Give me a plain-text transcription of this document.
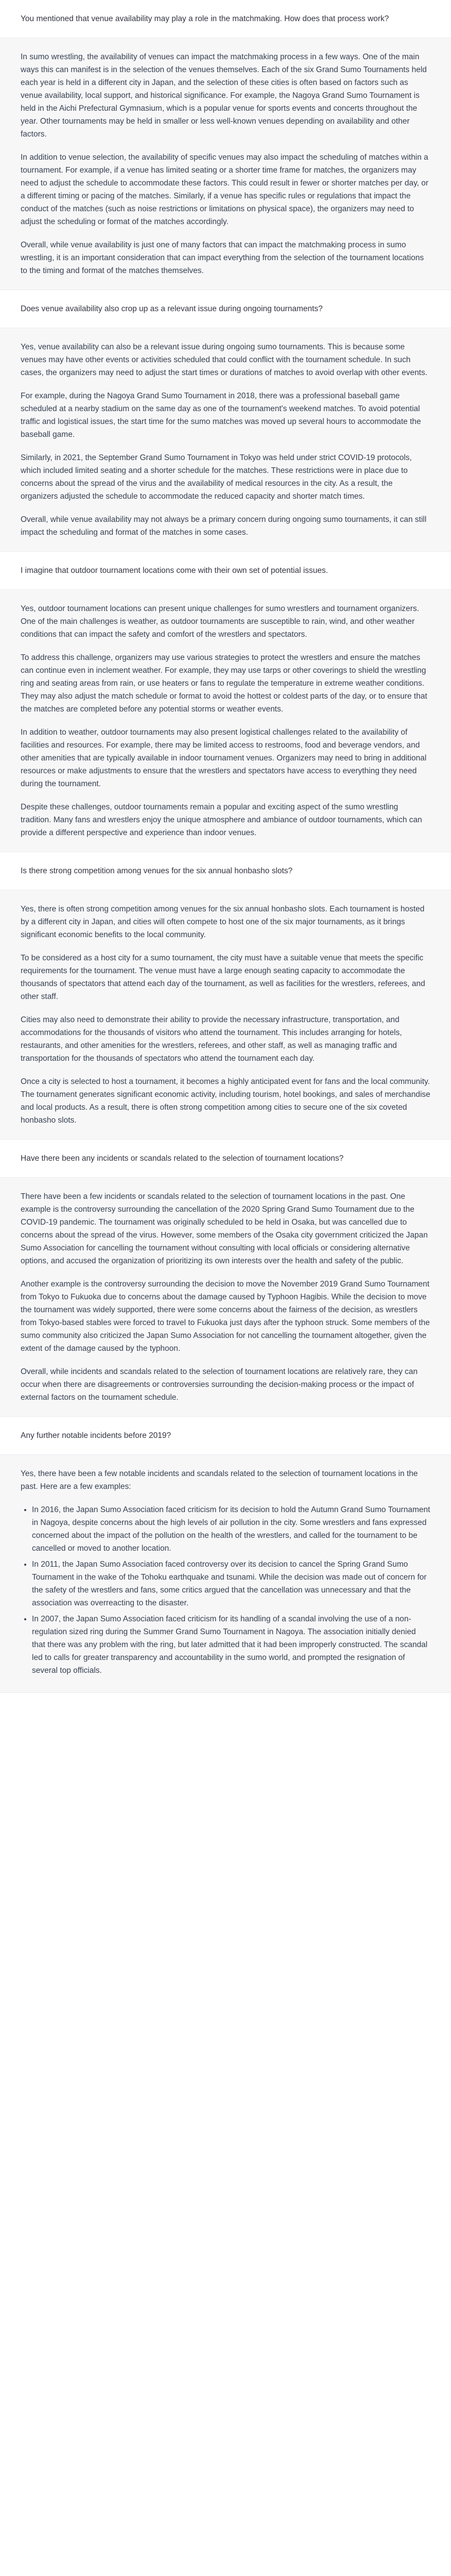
You mentioned that venue availability may play a role in the matchmaking. How does that process work?

In sumo wrestling, the availability of venues can impact the matchmaking process in a few ways. One of the main ways this can manifest is in the selection of the venues themselves. Each of the six Grand Sumo Tournaments held each year is held in a different city in Japan, and the selection of these cities is often based on factors such as venue availability, local support, and historical significance. For example, the Nagoya Grand Sumo Tournament is held in the Aichi Prefectural Gymnasium, which is a popular venue for sports events and concerts throughout the year. Other tournaments may be held in smaller or less well-known venues depending on availability and other factors.

In addition to venue selection, the availability of specific venues may also impact the scheduling of matches within a tournament. For example, if a venue has limited seating or a shorter time frame for matches, the organizers may need to adjust the schedule to accommodate these factors. This could result in fewer or shorter matches per day, or a different timing or pacing of the matches. Similarly, if a venue has specific rules or regulations that impact the conduct of the matches (such as noise restrictions or limitations on physical space), the organizers may need to adjust the scheduling or format of the matches accordingly.

Overall, while venue availability is just one of many factors that can impact the matchmaking process in sumo wrestling, it is an important consideration that can impact everything from the selection of the tournament locations to the timing and format of the matches themselves.

Does venue availability also crop up as a relevant issue during ongoing tournaments?

Yes, venue availability can also be a relevant issue during ongoing sumo tournaments. This is because some venues may have other events or activities scheduled that could conflict with the tournament schedule. In such cases, the organizers may need to adjust the start times or durations of matches to avoid overlap with other events.

For example, during the Nagoya Grand Sumo Tournament in 2018, there was a professional baseball game scheduled at a nearby stadium on the same day as one of the tournament's weekend matches. To avoid potential traffic and logistical issues, the start time for the sumo matches was moved up several hours to accommodate the baseball game.

Similarly, in 2021, the September Grand Sumo Tournament in Tokyo was held under strict COVID-19 protocols, which included limited seating and a shorter schedule for the matches. These restrictions were in place due to concerns about the spread of the virus and the availability of medical resources in the city. As a result, the organizers adjusted the schedule to accommodate the reduced capacity and shorter match times.

Overall, while venue availability may not always be a primary concern during ongoing sumo tournaments, it can still impact the scheduling and format of the matches in some cases.

I imagine that outdoor tournament locations come with their own set of potential issues.

Yes, outdoor tournament locations can present unique challenges for sumo wrestlers and tournament organizers. One of the main challenges is weather, as outdoor tournaments are susceptible to rain, wind, and other weather conditions that can impact the safety and comfort of the wrestlers and spectators.

To address this challenge, organizers may use various strategies to protect the wrestlers and ensure the matches can continue even in inclement weather. For example, they may use tarps or other coverings to shield the wrestling ring and seating areas from rain, or use heaters or fans to regulate the temperature in extreme weather conditions. They may also adjust the match schedule or format to avoid the hottest or coldest parts of the day, or to ensure that the matches are completed before any potential storms or weather events.

In addition to weather, outdoor tournaments may also present logistical challenges related to the availability of facilities and resources. For example, there may be limited access to restrooms, food and beverage vendors, and other amenities that are typically available in indoor tournament venues. Organizers may need to bring in additional resources or make adjustments to ensure that the wrestlers and spectators have access to everything they need during the tournament.

Despite these challenges, outdoor tournaments remain a popular and exciting aspect of the sumo wrestling tradition. Many fans and wrestlers enjoy the unique atmosphere and ambiance of outdoor tournaments, which can provide a different perspective and experience than indoor venues.

Is there strong competition among venues for the six annual honbasho slots?

Yes, there is often strong competition among venues for the six annual honbasho slots. Each tournament is hosted by a different city in Japan, and cities will often compete to host one of the six major tournaments, as it brings significant economic benefits to the local community.

To be considered as a host city for a sumo tournament, the city must have a suitable venue that meets the specific requirements for the tournament. The venue must have a large enough seating capacity to accommodate the thousands of spectators that attend each day of the tournament, as well as facilities for the wrestlers, referees, and other staff.

Cities may also need to demonstrate their ability to provide the necessary infrastructure, transportation, and accommodations for the thousands of visitors who attend the tournament. This includes arranging for hotels, restaurants, and other amenities for the wrestlers, referees, and other staff, as well as managing traffic and transportation for the thousands of spectators who attend the tournament each day.

Once a city is selected to host a tournament, it becomes a highly anticipated event for fans and the local community. The tournament generates significant economic activity, including tourism, hotel bookings, and sales of merchandise and local products. As a result, there is often strong competition among cities to secure one of the six coveted honbasho slots.

Have there been any incidents or scandals related to the selection of tournament locations?

There have been a few incidents or scandals related to the selection of tournament locations in the past. One example is the controversy surrounding the cancellation of the 2020 Spring Grand Sumo Tournament due to the COVID-19 pandemic. The tournament was originally scheduled to be held in Osaka, but was cancelled due to concerns about the spread of the virus. However, some members of the Osaka city government criticized the Japan Sumo Association for cancelling the tournament without consulting with local officials or considering alternative options, and accused the organization of prioritizing its own interests over the health and safety of the public.

Another example is the controversy surrounding the decision to move the November 2019 Grand Sumo Tournament from Tokyo to Fukuoka due to concerns about the damage caused by Typhoon Hagibis. While the decision to move the tournament was widely supported, there were some concerns about the fairness of the decision, as wrestlers from Tokyo-based stables were forced to travel to Fukuoka just days after the typhoon struck. Some members of the sumo community also criticized the Japan Sumo Association for not cancelling the tournament altogether, given the extent of the damage caused by the typhoon.

Overall, while incidents and scandals related to the selection of tournament locations are relatively rare, they can occur when there are disagreements or controversies surrounding the decision-making process or the impact of external factors on the tournament schedule.

Any further notable incidents before 2019?

Yes, there have been a few notable incidents and scandals related to the selection of tournament locations in the past. Here are a few examples:

• In 2016, the Japan Sumo Association faced criticism for its decision to hold the Autumn Grand Sumo Tournament in Nagoya, despite concerns about the high levels of air pollution in the city. Some wrestlers and fans expressed concerned about the impact of the pollution on the health of the wrestlers, and called for the tournament to be cancelled or moved to another location.
• In 2011, the Japan Sumo Association faced controversy over its decision to cancel the Spring Grand Sumo Tournament in the wake of the Tohoku earthquake and tsunami. While the decision was made out of concern for the safety of the wrestlers and fans, some critics argued that the cancellation was unnecessary and that the association was overreacting to the disaster.
• In 2007, the Japan Sumo Association faced criticism for its handling of a scandal involving the use of a non-regulation sized ring during the Summer Grand Sumo Tournament in Nagoya. The association initially denied that there was any problem with the ring, but later admitted that it had been improperly constructed. The scandal led to calls for greater transparency and accountability in the sumo world, and prompted the resignation of several top officials.
